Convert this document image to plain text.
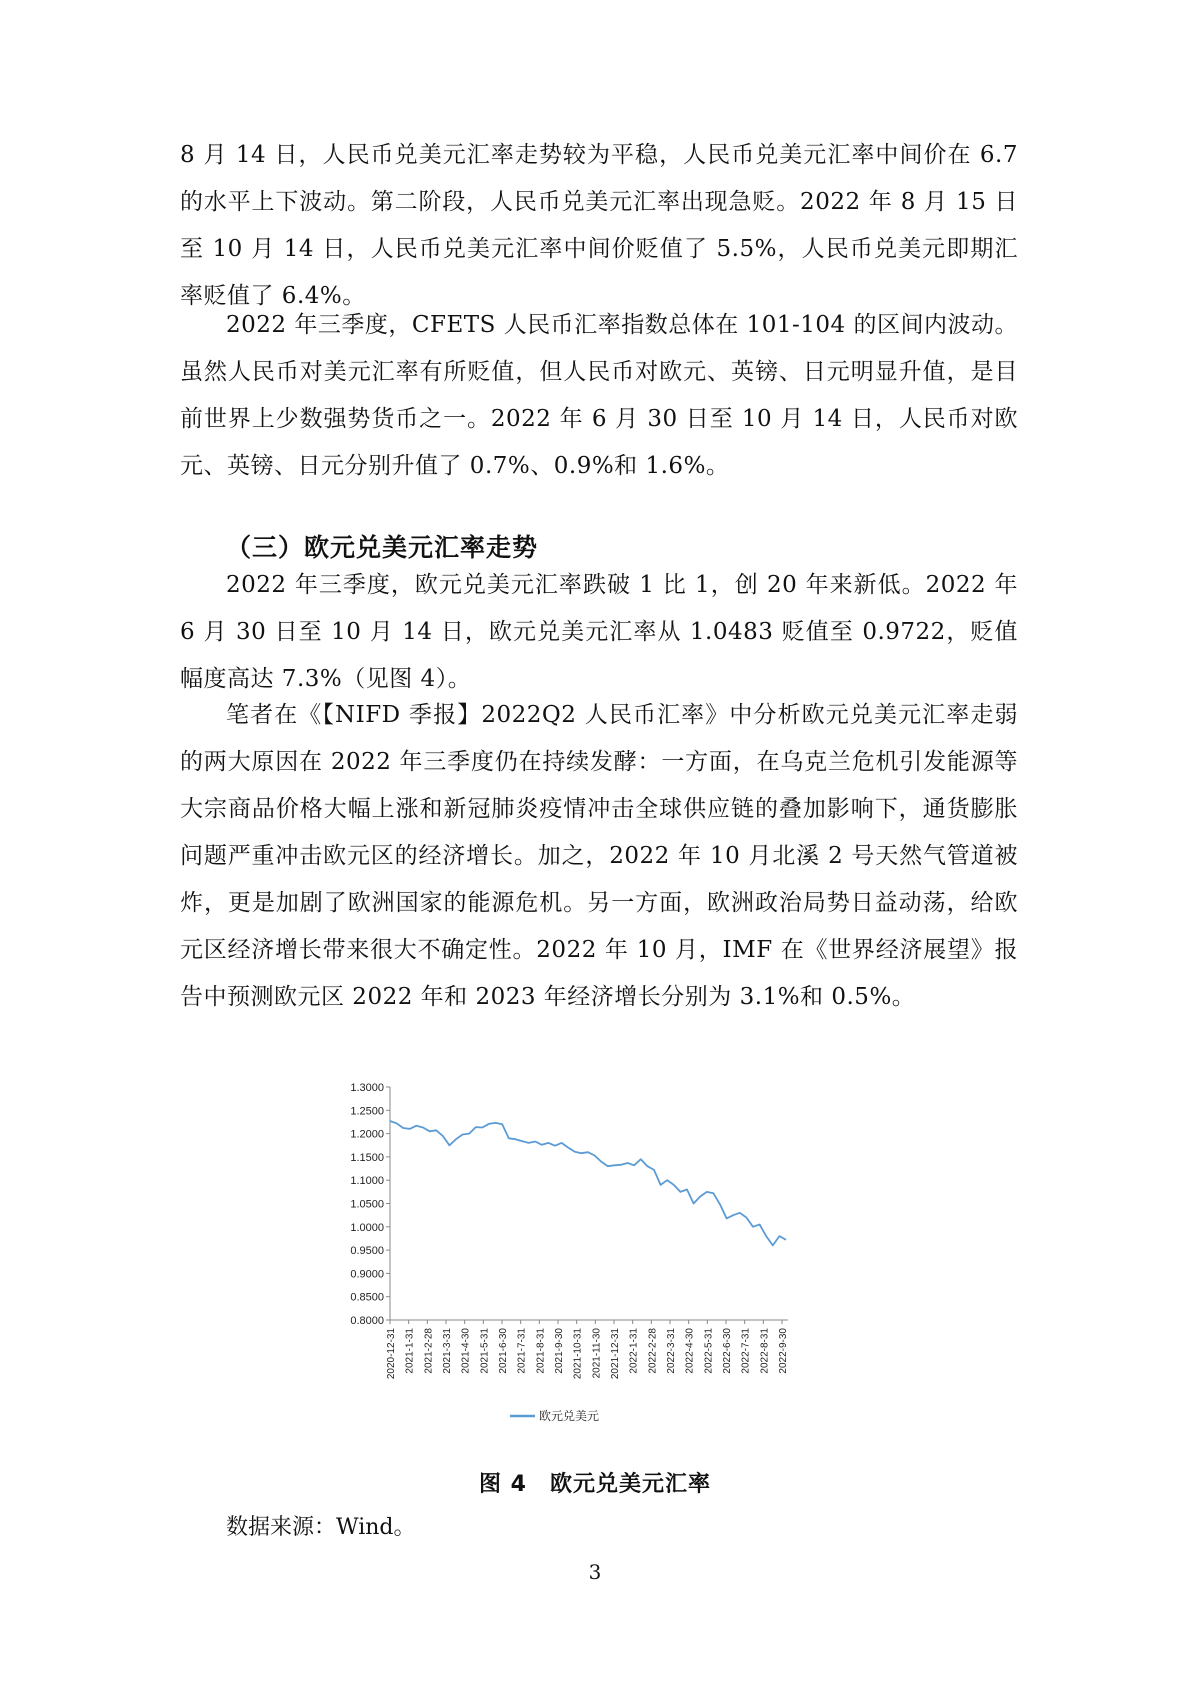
8 月 14 日，人民币兑美元汇率走势较为平稳，人民币兑美元汇率中间价在 6.7 的水平上下波动。第二阶段，人民币兑美元汇率出现急贬。2022 年 8 月 15 日至 10 月 14 日，人民币兑美元汇率中间价贬值了 5.5%，人民币兑美元即期汇率贬值了 6.4%。

2022 年三季度，CFETS 人民币汇率指数总体在 101-104 的区间内波动。虽然人民币对美元汇率有所贬值，但人民币对欧元、英镑、日元明显升值，是目前世界上少数强势货币之一。2022 年 6 月 30 日至 10 月 14 日，人民币对欧元、英镑、日元分别升值了 0.7%、0.9%和 1.6%。

（三）欧元兑美元汇率走势

2022 年三季度，欧元兑美元汇率跌破 1 比 1，创 20 年来新低。2022 年 6 月 30 日至 10 月 14 日，欧元兑美元汇率从 1.0483 贬值至 0.9722，贬值幅度高达 7.3%（见图 4）。

笔者在《【NIFD 季报】2022Q2 人民币汇率》中分析欧元兑美元汇率走弱的两大原因在 2022 年三季度仍在持续发酵：一方面，在乌克兰危机引发能源等大宗商品价格大幅上涨和新冠肺炎疫情冲击全球供应链的叠加影响下，通货膨胀问题严重冲击欧元区的经济增长。加之，2022 年 10 月北溪 2 号天然气管道被炸，更是加剧了欧洲国家的能源危机。另一方面，欧洲政治局势日益动荡，给欧元区经济增长带来很大不确定性。2022 年 10 月，IMF 在《世界经济展望》报告中预测欧元区 2022 年和 2023 年经济增长分别为 3.1%和 0.5%。

1.3000
1.2500
1.2000
1.1500
1.1000
1.0500
1.0000
0.9500
0.9000
0.8500
0.8000
2020-12-31 2021-1-31 2021-2-28 2021-3-31 2021-4-30 2021-5-31 2021-6-30 2021-7-31 2021-8-31 2021-9-30 2021-10-31 2021-11-30 2021-12-31 2022-1-31 2022-2-28 2022-3-31 2022-4-30 2022-5-31 2022-6-30 2022-7-31 2022-8-31 2022-9-30
欧元兑美元

图 4　欧元兑美元汇率

数据来源：Wind。

3
